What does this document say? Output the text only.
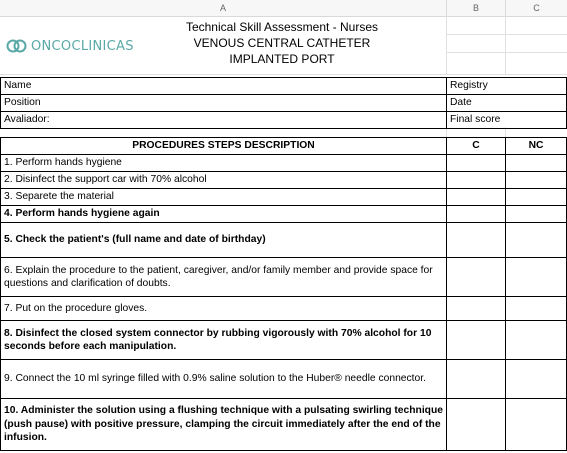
A	B	C
ONCOCLINICAS
Technical Skill Assessment - Nurses
VENOUS CENTRAL CATHETER
IMPLANTED PORT
Name	Registry
Position	Date
Avaliador:	Final score
PROCEDURES STEPS DESCRIPTION	C	NC
1. Perform hands hygiene		
2. Disinfect the support car with 70% alcohol		
3. Separete the material		
4. Perform hands hygiene again		
5. Check the patient's (full name and date of birthday)		
6. Explain the procedure to the patient, caregiver, and/or family member and provide space for questions and clarification of doubts.		
7. Put on the procedure gloves.		
8. Disinfect the closed system connector by rubbing vigorously with 70% alcohol for 10 seconds before each manipulation.		
9. Connect the 10 ml syringe filled with 0.9% saline solution to the Huber® needle connector.		
10. Administer the solution using a flushing technique with a pulsating swirling technique (push pause) with positive pressure, clamping the circuit immediately after the end of the infusion.		
